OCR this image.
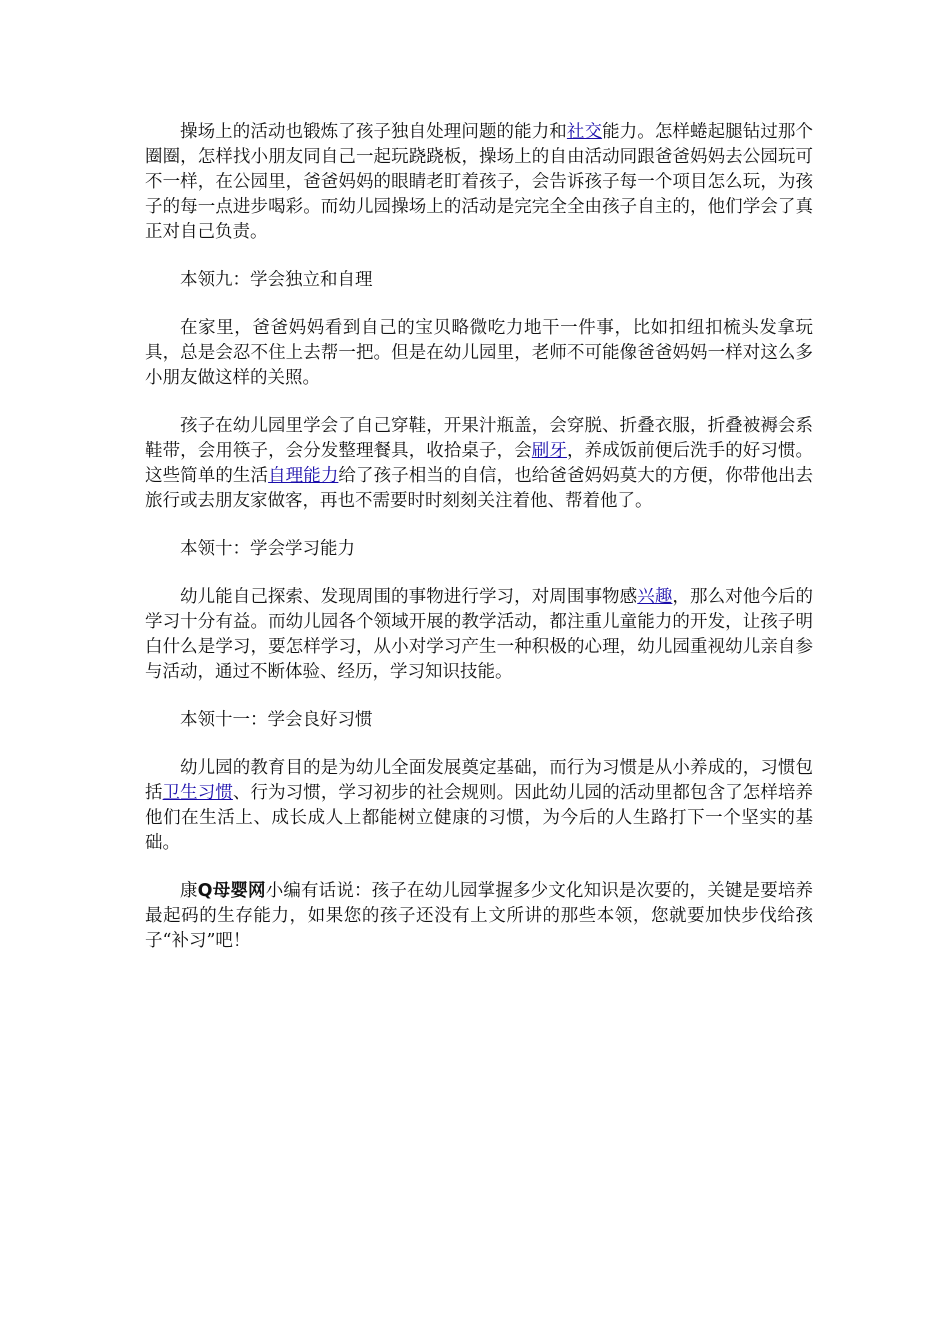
操场上的活动也锻炼了孩子独自处理问题的能力和社交能力。怎样蜷起腿钻过那个圈圈，怎样找小朋友同自己一起玩跷跷板，操场上的自由活动同跟爸爸妈妈去公园玩可不一样，在公园里，爸爸妈妈的眼睛老盯着孩子，会告诉孩子每一个项目怎么玩，为孩子的每一点进步喝彩。而幼儿园操场上的活动是完完全全由孩子自主的，他们学会了真正对自己负责。

本领九：学会独立和自理

在家里，爸爸妈妈看到自己的宝贝略微吃力地干一件事，比如扣纽扣梳头发拿玩具，总是会忍不住上去帮一把。但是在幼儿园里，老师不可能像爸爸妈妈一样对这么多小朋友做这样的关照。

孩子在幼儿园里学会了自己穿鞋，开果汁瓶盖，会穿脱、折叠衣服，折叠被褥会系鞋带，会用筷子，会分发整理餐具，收拾桌子，会刷牙，养成饭前便后洗手的好习惯。这些简单的生活自理能力给了孩子相当的自信，也给爸爸妈妈莫大的方便，你带他出去旅行或去朋友家做客，再也不需要时时刻刻关注着他、帮着他了。

本领十：学会学习能力

幼儿能自己探索、发现周围的事物进行学习，对周围事物感兴趣，那么对他今后的学习十分有益。而幼儿园各个领域开展的教学活动，都注重儿童能力的开发，让孩子明白什么是学习，要怎样学习，从小对学习产生一种积极的心理，幼儿园重视幼儿亲自参与活动，通过不断体验、经历，学习知识技能。

本领十一：学会良好习惯

幼儿园的教育目的是为幼儿全面发展奠定基础，而行为习惯是从小养成的，习惯包括卫生习惯、行为习惯，学习初步的社会规则。因此幼儿园的活动里都包含了怎样培养他们在生活上、成长成人上都能树立健康的习惯，为今后的人生路打下一个坚实的基础。

康Q母婴网小编有话说：孩子在幼儿园掌握多少文化知识是次要的，关键是要培养最起码的生存能力，如果您的孩子还没有上文所讲的那些本领，您就要加快步伐给孩子“补习”吧！
